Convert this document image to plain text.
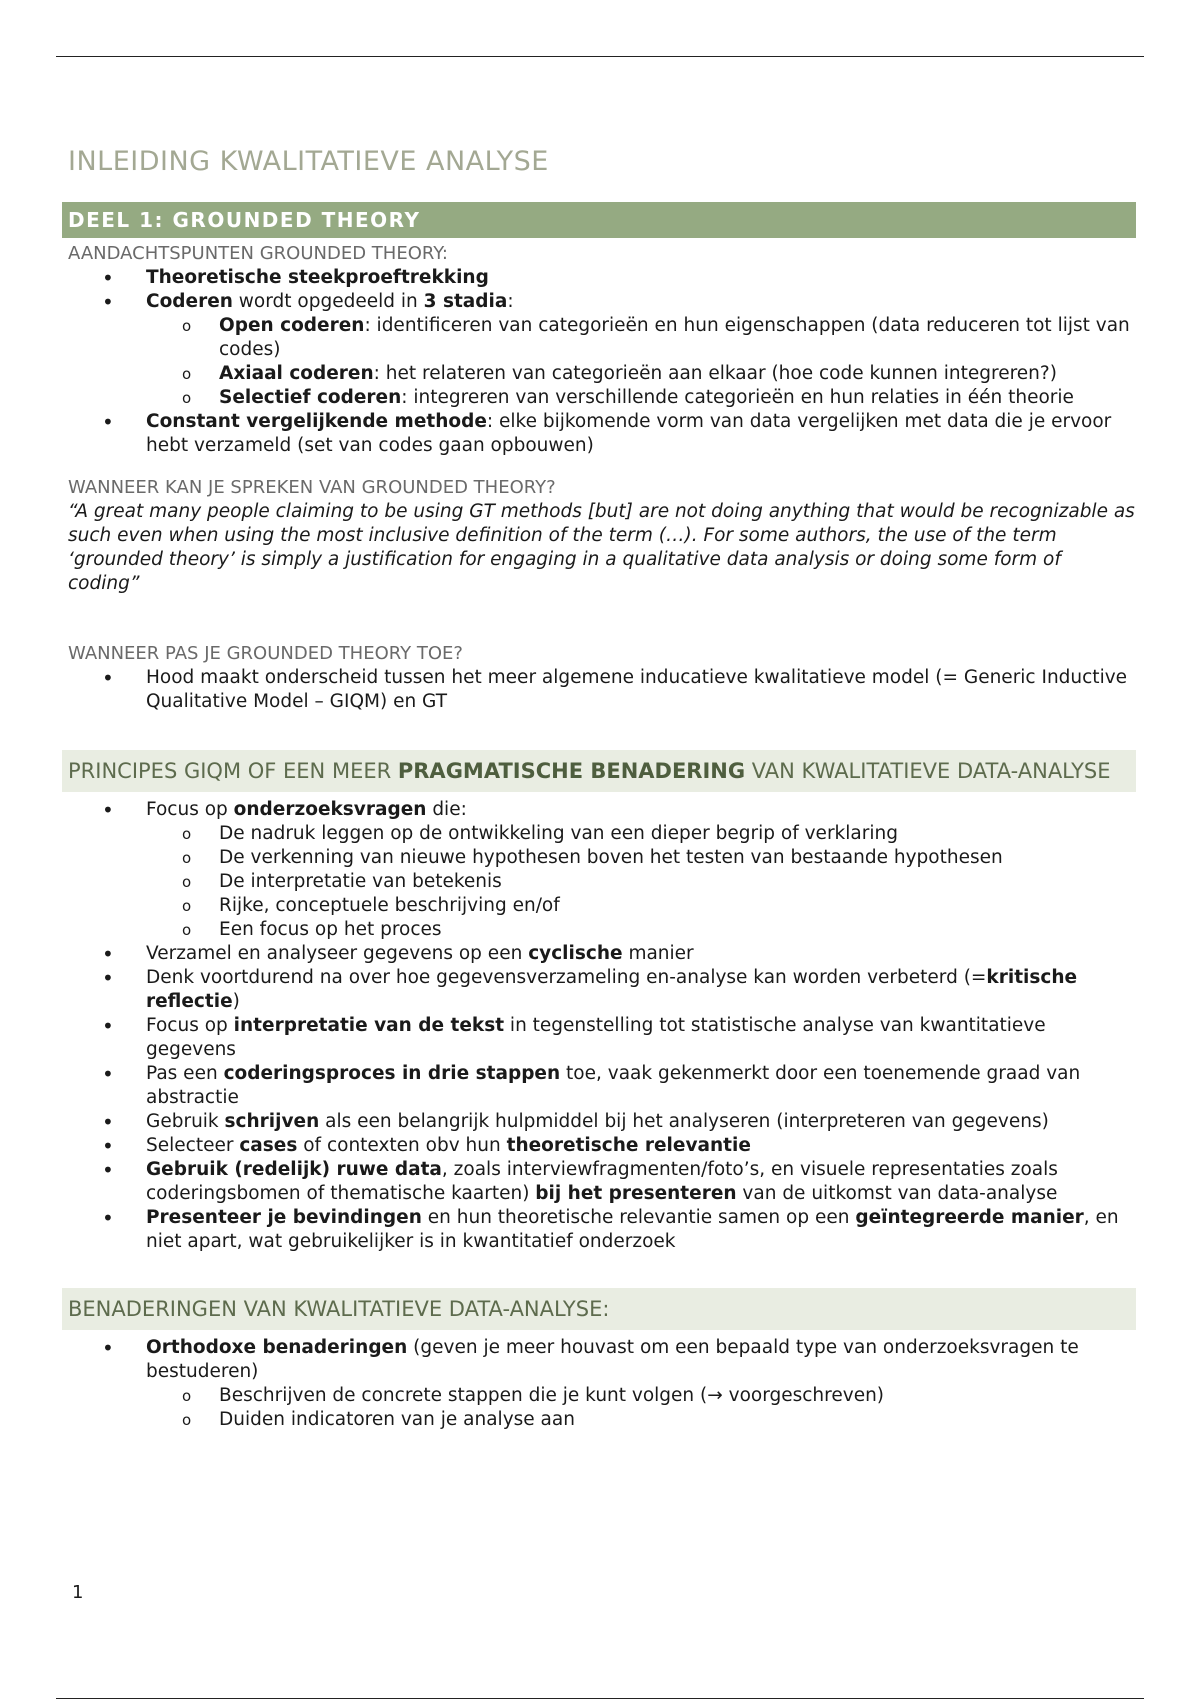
INLEIDING KWALITATIEVE ANALYSE
DEEL 1: GROUNDED THEORY
AANDACHTSPUNTEN GROUNDED THEORY:
• Theoretische steekproeftrekking
• Coderen wordt opgedeeld in 3 stadia:
o Open coderen: identificeren van categorieën en hun eigenschappen (data reduceren tot lijst van codes)
o Axiaal coderen: het relateren van categorieën aan elkaar (hoe code kunnen integreren?)
o Selectief coderen: integreren van verschillende categorieën en hun relaties in één theorie
• Constant vergelijkende methode: elke bijkomende vorm van data vergelijken met data die je ervoor hebt verzameld (set van codes gaan opbouwen)
WANNEER KAN JE SPREKEN VAN GROUNDED THEORY?
“A great many people claiming to be using GT methods [but] are not doing anything that would be recognizable as such even when using the most inclusive definition of the term (…). For some authors, the use of the term ‘grounded theory’ is simply a justification for engaging in a qualitative data analysis or doing some form of coding”
WANNEER PAS JE GROUNDED THEORY TOE?
• Hood maakt onderscheid tussen het meer algemene inducatieve kwalitatieve model (= Generic Inductive Qualitative Model – GIQM) en GT
PRINCIPES GIQM OF EEN MEER PRAGMATISCHE BENADERING VAN KWALITATIEVE DATA-ANALYSE
• Focus op onderzoeksvragen die:
o De nadruk leggen op de ontwikkeling van een dieper begrip of verklaring
o De verkenning van nieuwe hypothesen boven het testen van bestaande hypothesen
o De interpretatie van betekenis
o Rijke, conceptuele beschrijving en/of
o Een focus op het proces
• Verzamel en analyseer gegevens op een cyclische manier
• Denk voortdurend na over hoe gegevensverzameling en-analyse kan worden verbeterd (=kritische reflectie)
• Focus op interpretatie van de tekst in tegenstelling tot statistische analyse van kwantitatieve gegevens
• Pas een coderingsproces in drie stappen toe, vaak gekenmerkt door een toenemende graad van abstractie
• Gebruik schrijven als een belangrijk hulpmiddel bij het analyseren (interpreteren van gegevens)
• Selecteer cases of contexten obv hun theoretische relevantie
• Gebruik (redelijk) ruwe data, zoals interviewfragmenten/foto’s, en visuele representaties zoals coderingsbomen of thematische kaarten) bij het presenteren van de uitkomst van data-analyse
• Presenteer je bevindingen en hun theoretische relevantie samen op een geïntegreerde manier, en niet apart, wat gebruikelijker is in kwantitatief onderzoek
BENADERINGEN VAN KWALITATIEVE DATA-ANALYSE:
• Orthodoxe benaderingen (geven je meer houvast om een bepaald type van onderzoeksvragen te bestuderen)
o Beschrijven de concrete stappen die je kunt volgen (→ voorgeschreven)
o Duiden indicatoren van je analyse aan
1
